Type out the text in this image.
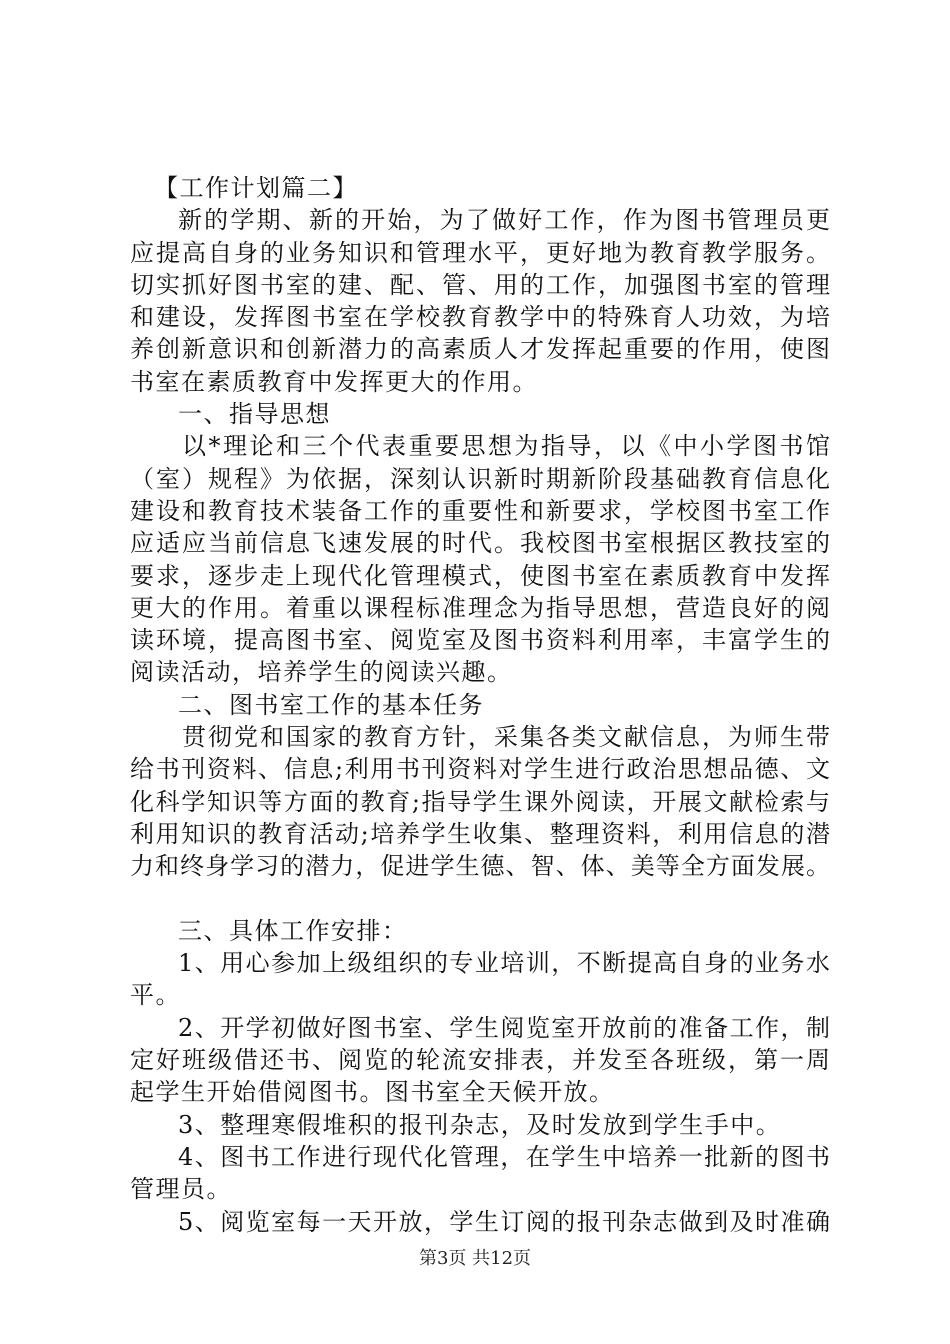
【工作计划篇二】
新的学期、新的开始，为了做好工作，作为图书管理员更
应提高自身的业务知识和管理水平，更好地为教育教学服务。
切实抓好图书室的建、配、管、用的工作，加强图书室的管理
和建设，发挥图书室在学校教育教学中的特殊育人功效，为培
养创新意识和创新潜力的高素质人才发挥起重要的作用，使图
书室在素质教育中发挥更大的作用。
一、指导思想
以*理论和三个代表重要思想为指导，以《中小学图书馆
（室）规程》为依据，深刻认识新时期新阶段基础教育信息化
建设和教育技术装备工作的重要性和新要求，学校图书室工作
应适应当前信息飞速发展的时代。我校图书室根据区教技室的
要求，逐步走上现代化管理模式，使图书室在素质教育中发挥
更大的作用。着重以课程标准理念为指导思想，营造良好的阅
读环境，提高图书室、阅览室及图书资料利用率，丰富学生的
阅读活动，培养学生的阅读兴趣。
二、图书室工作的基本任务
贯彻党和国家的教育方针，采集各类文献信息，为师生带
给书刊资料、信息;利用书刊资料对学生进行政治思想品德、文
化科学知识等方面的教育;指导学生课外阅读，开展文献检索与
利用知识的教育活动;培养学生收集、整理资料，利用信息的潜
力和终身学习的潜力，促进学生德、智、体、美等全方面发展。
三、具体工作安排：
1、用心参加上级组织的专业培训，不断提高自身的业务水
平。
2、开学初做好图书室、学生阅览室开放前的准备工作，制
定好班级借还书、阅览的轮流安排表，并发至各班级，第一周
起学生开始借阅图书。图书室全天候开放。
3、整理寒假堆积的报刊杂志，及时发放到学生手中。
4、图书工作进行现代化管理，在学生中培养一批新的图书
管理员。
5、阅览室每一天开放，学生订阅的报刊杂志做到及时准确
第3页 共12页
